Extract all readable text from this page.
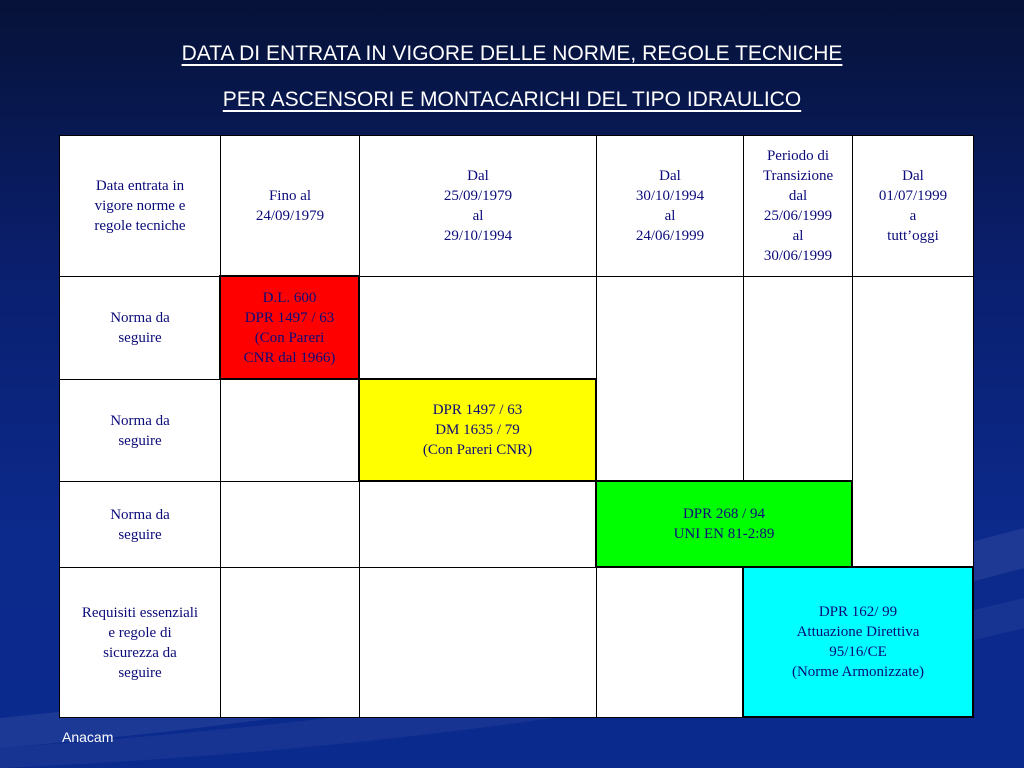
DATA DI ENTRATA IN VIGORE DELLE NORME, REGOLE TECNICHE
PER ASCENSORI E MONTACARICHI DEL TIPO IDRAULICO
Data entrata in
vigore norme e
regole tecniche
Fino al
24/09/1979
Dal
25/09/1979
al
29/10/1994
Dal
30/10/1994
al
24/06/1999
Periodo di
Transizione
dal
25/06/1999
al
30/06/1999
Dal
01/07/1999
a
tutt’oggi
Norma da
seguire
Norma da
seguire
Norma da
seguire
Requisiti essenziali
e regole di
sicurezza da
seguire
D.L. 600
DPR 1497 / 63
(Con Pareri
CNR dal 1966)
DPR 1497 / 63
DM 1635 / 79
(Con Pareri CNR)
DPR 268 / 94
UNI EN 81-2:89
DPR 162/ 99
Attuazione Direttiva
95/16/CE
(Norme Armonizzate)
Anacam
